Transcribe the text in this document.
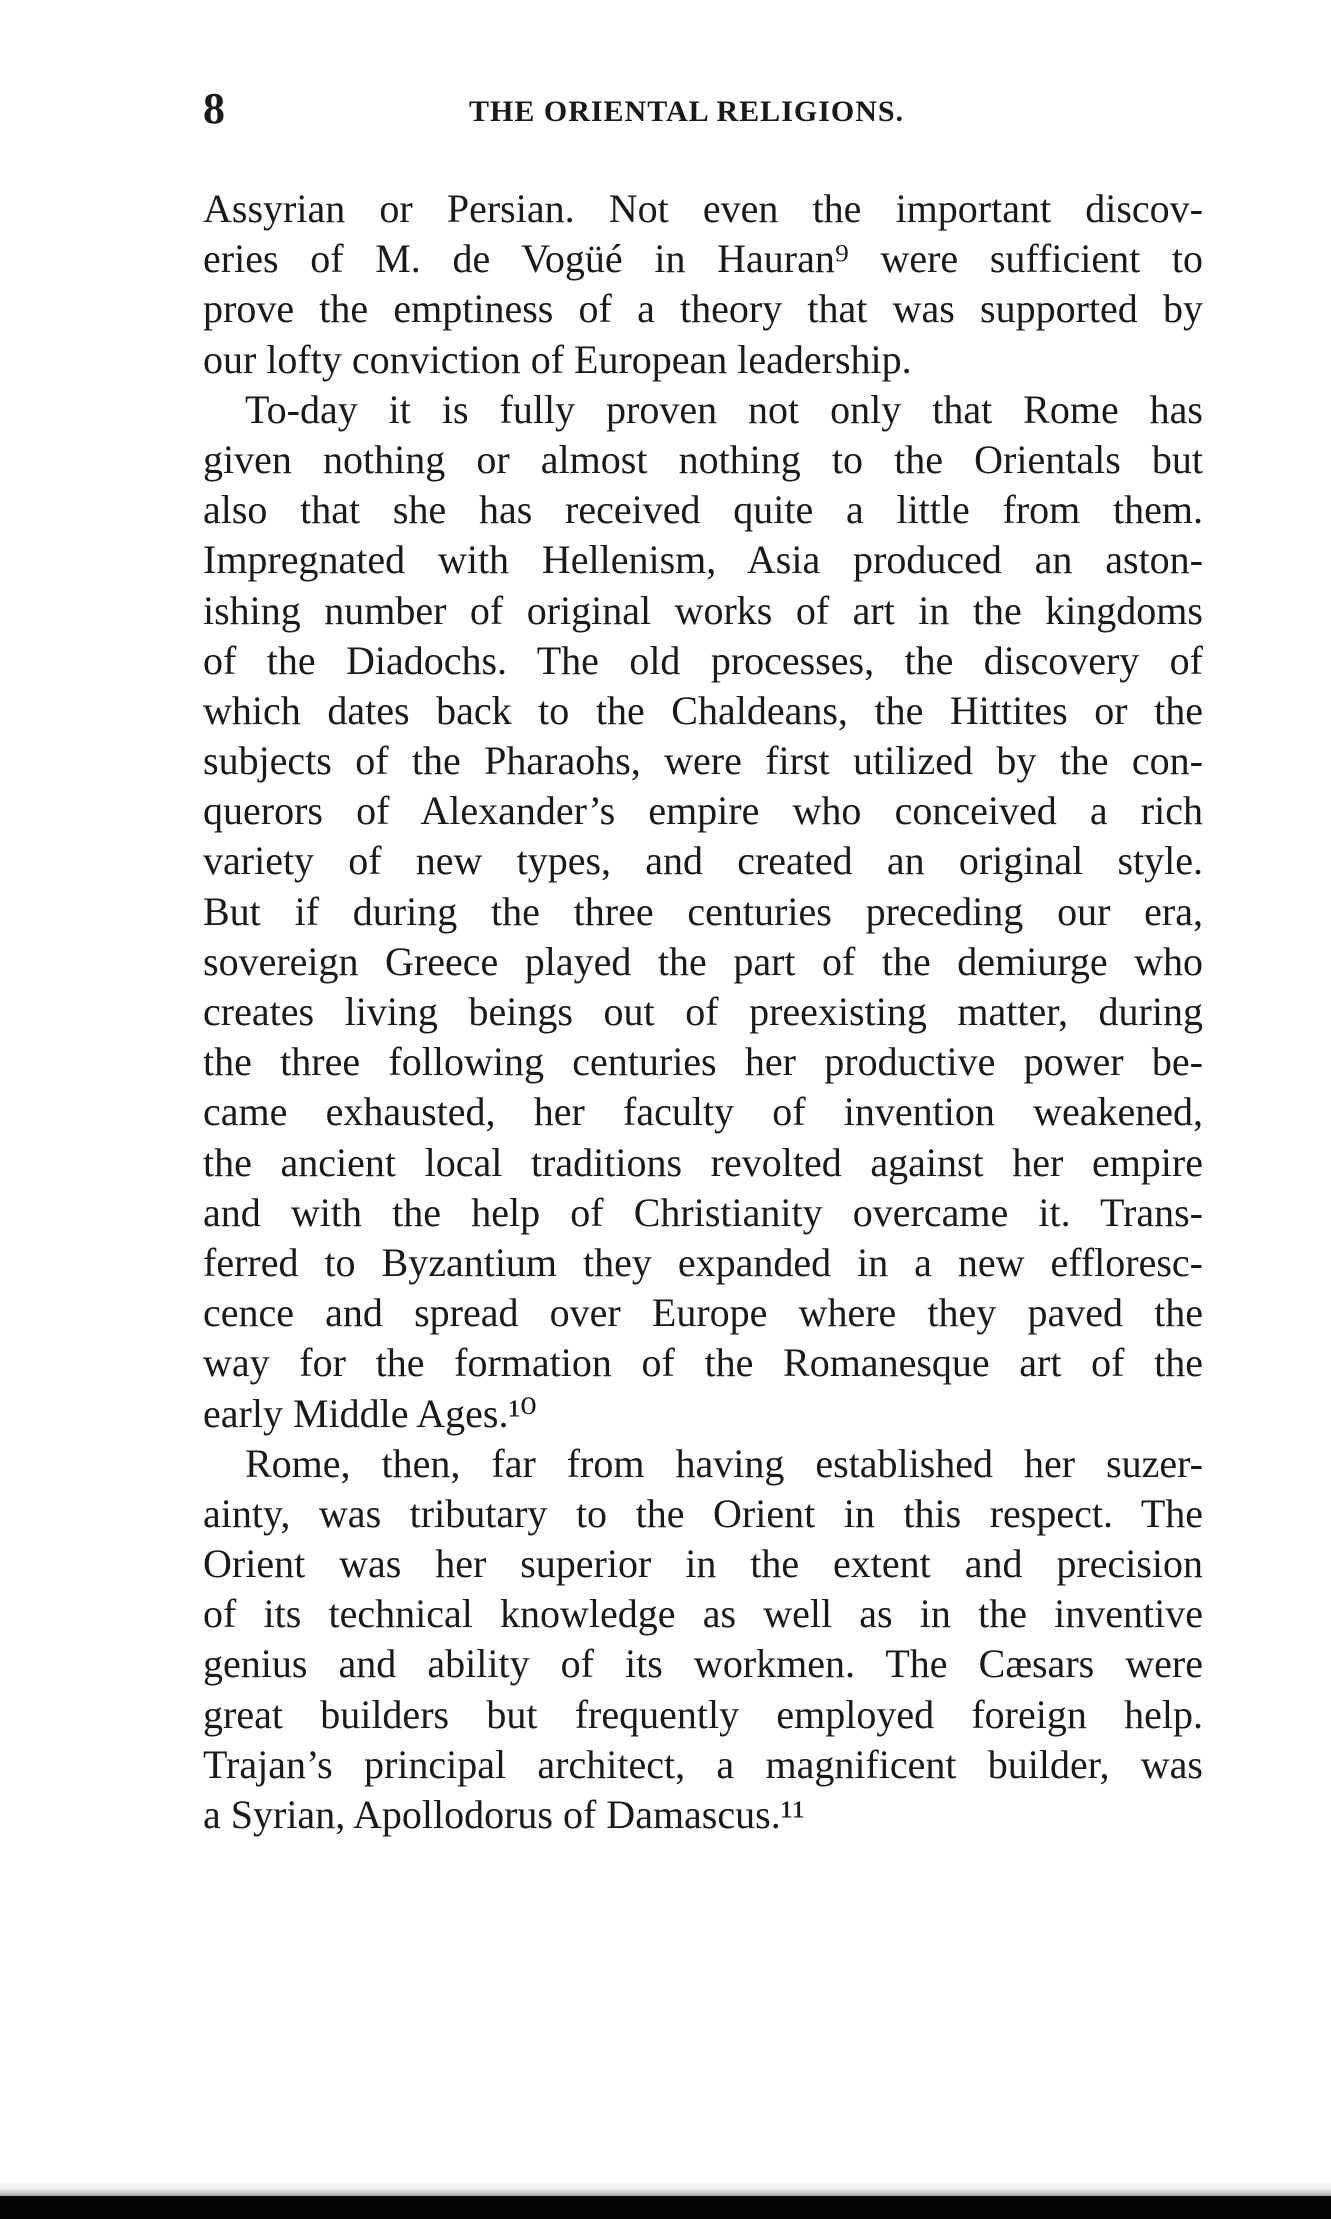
8	THE ORIENTAL RELIGIONS.

Assyrian or Persian. Not even the important discov-
eries of M. de Vogüé in Hauran⁹ were sufficient to
prove the emptiness of a theory that was supported by
our lofty conviction of European leadership.

To-day it is fully proven not only that Rome has
given nothing or almost nothing to the Orientals but
also that she has received quite a little from them.
Impregnated with Hellenism, Asia produced an aston-
ishing number of original works of art in the kingdoms
of the Diadochs. The old processes, the discovery of
which dates back to the Chaldeans, the Hittites or the
subjects of the Pharaohs, were first utilized by the con-
querors of Alexander’s empire who conceived a rich
variety of new types, and created an original style.
But if during the three centuries preceding our era,
sovereign Greece played the part of the demiurge who
creates living beings out of preexisting matter, during
the three following centuries her productive power be-
came exhausted, her faculty of invention weakened,
the ancient local traditions revolted against her empire
and with the help of Christianity overcame it. Trans-
ferred to Byzantium they expanded in a new effloresc-
cence and spread over Europe where they paved the
way for the formation of the Romanesque art of the
early Middle Ages.¹⁰

Rome, then, far from having established her suzer-
ainty, was tributary to the Orient in this respect. The
Orient was her superior in the extent and precision
of its technical knowledge as well as in the inventive
genius and ability of its workmen. The Cæsars were
great builders but frequently employed foreign help.
Trajan’s principal architect, a magnificent builder, was
a Syrian, Apollodorus of Damascus.¹¹
